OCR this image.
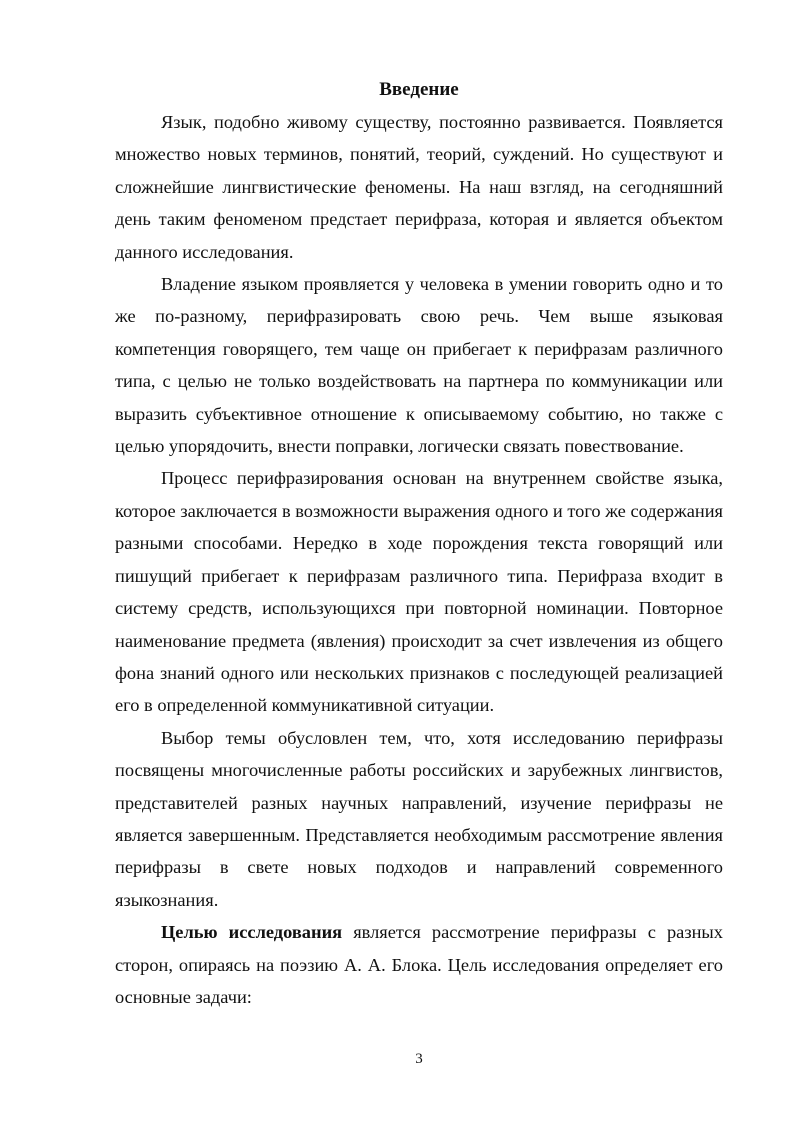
Введение

Язык, подобно живому существу, постоянно развивается. Появляется множество новых терминов, понятий, теорий, суждений. Но существуют и сложнейшие лингвистические феномены. На наш взгляд, на сегодняшний день таким феноменом предстает перифраза, которая и является объектом данного исследования.

Владение языком проявляется у человека в умении говорить одно и то же по-разному, перифразировать свою речь. Чем выше языковая компетенция говорящего, тем чаще он прибегает к перифразам различного типа, с целью не только воздействовать на партнера по коммуникации или выразить субъективное отношение к описываемому событию, но также с целью упорядочить, внести поправки, логически связать повествование.

Процесс перифразирования основан на внутреннем свойстве языка, которое заключается в возможности выражения одного и того же содержания разными способами. Нередко в ходе порождения текста говорящий или пишущий прибегает к перифразам различного типа. Перифраза входит в систему средств, использующихся при повторной номинации. Повторное наименование предмета (явления) происходит за счет извлечения из общего фона знаний одного или нескольких признаков с последующей реализацией его в определенной коммуникативной ситуации.

Выбор темы обусловлен тем, что, хотя исследованию перифразы посвящены многочисленные работы российских и зарубежных лингвистов, представителей разных научных направлений, изучение перифразы не является завершенным. Представляется необходимым рассмотрение явления перифразы в свете новых подходов и направлений современного языкознания.

Целью исследования является рассмотрение перифразы с разных сторон, опираясь на поэзию А. А. Блока. Цель исследования определяет его основные задачи:

3
